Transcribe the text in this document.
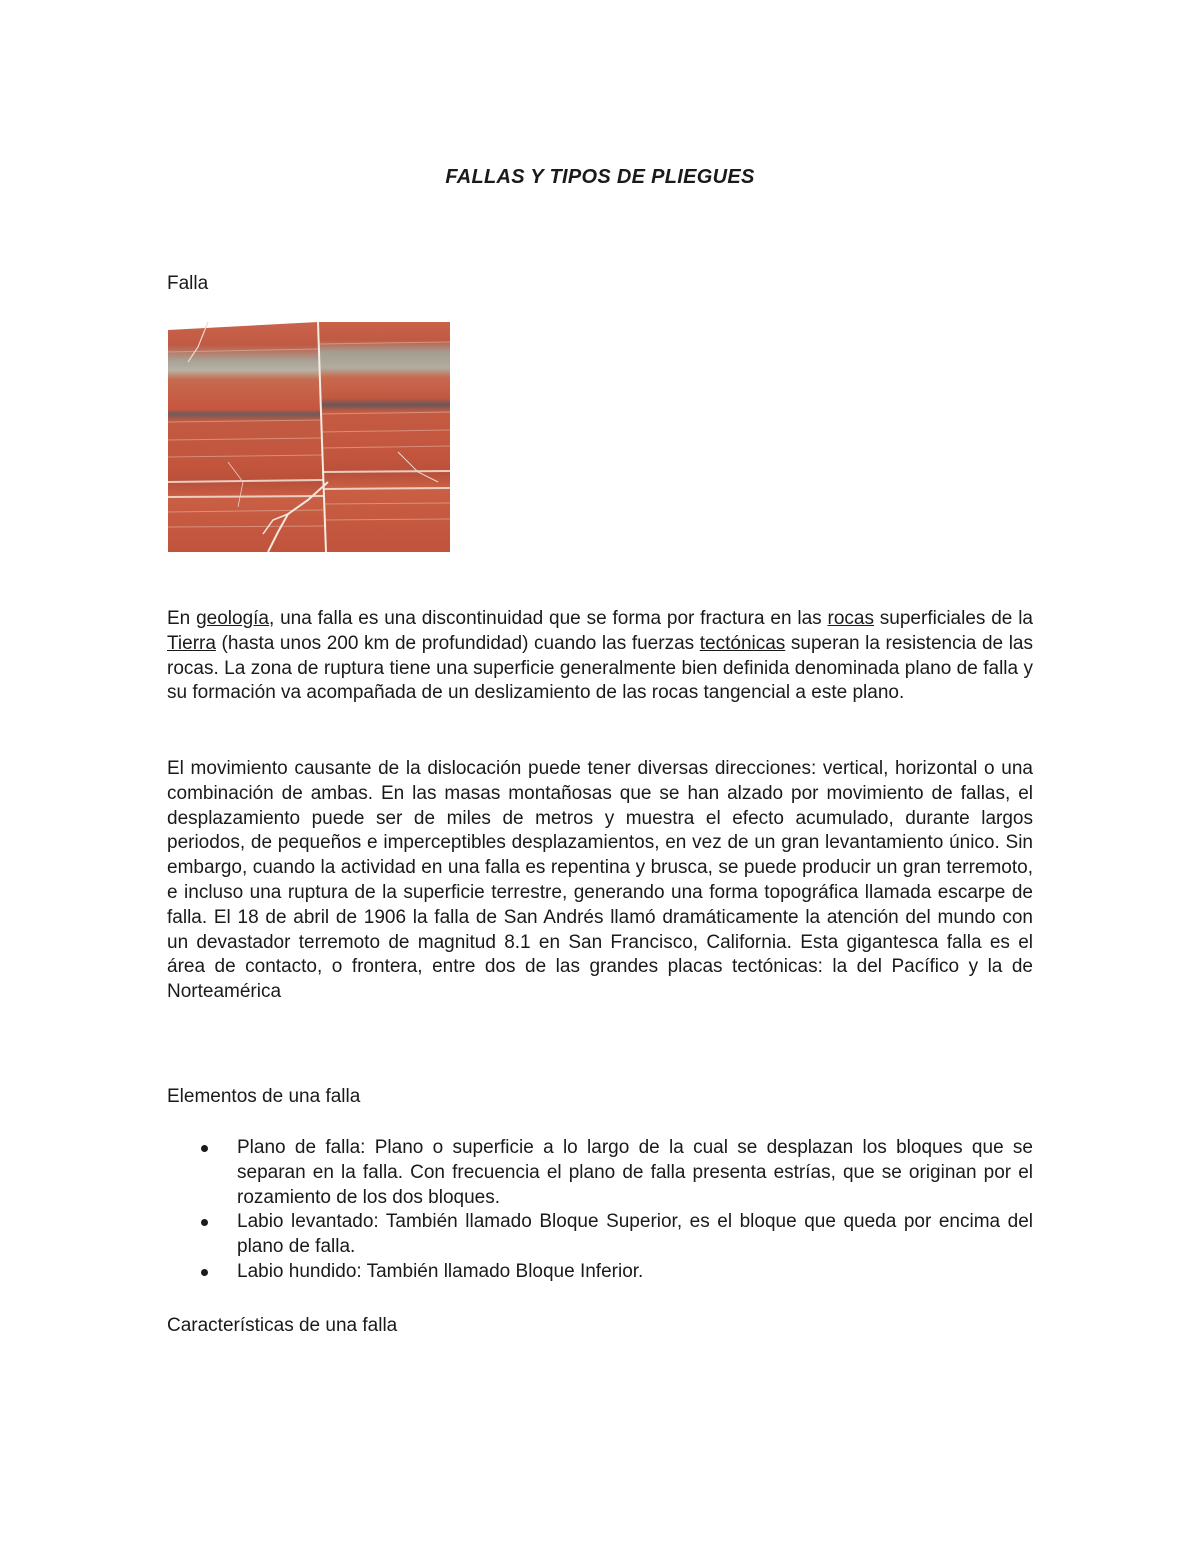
FALLAS Y TIPOS DE PLIEGUES
Falla

En geología, una falla es una discontinuidad que se forma por fractura en las rocas superficiales de la Tierra (hasta unos 200 km de profundidad) cuando las fuerzas tectónicas superan la resistencia de las rocas. La zona de ruptura tiene una superficie generalmente bien definida denominada plano de falla y su formación va acompañada de un deslizamiento de las rocas tangencial a este plano.

El movimiento causante de la dislocación puede tener diversas direcciones: vertical, horizontal o una combinación de ambas. En las masas montañosas que se han alzado por movimiento de fallas, el desplazamiento puede ser de miles de metros y muestra el efecto acumulado, durante largos periodos, de pequeños e imperceptibles desplazamientos, en vez de un gran levantamiento único. Sin embargo, cuando la actividad en una falla es repentina y brusca, se puede producir un gran terremoto, e incluso una ruptura de la superficie terrestre, generando una forma topográfica llamada escarpe de falla. El 18 de abril de 1906 la falla de San Andrés llamó dramáticamente la atención del mundo con un devastador terremoto de magnitud 8.1 en San Francisco, California. Esta gigantesca falla es el área de contacto, o frontera, entre dos de las grandes placas tectónicas: la del Pacífico y la de Norteamérica

Elementos de una falla
Plano de falla: Plano o superficie a lo largo de la cual se desplazan los bloques que se separan en la falla. Con frecuencia el plano de falla presenta estrías, que se originan por el rozamiento de los dos bloques.
Labio levantado: También llamado Bloque Superior, es el bloque que queda por encima del plano de falla.
Labio hundido: También llamado Bloque Inferior.
Características de una falla
